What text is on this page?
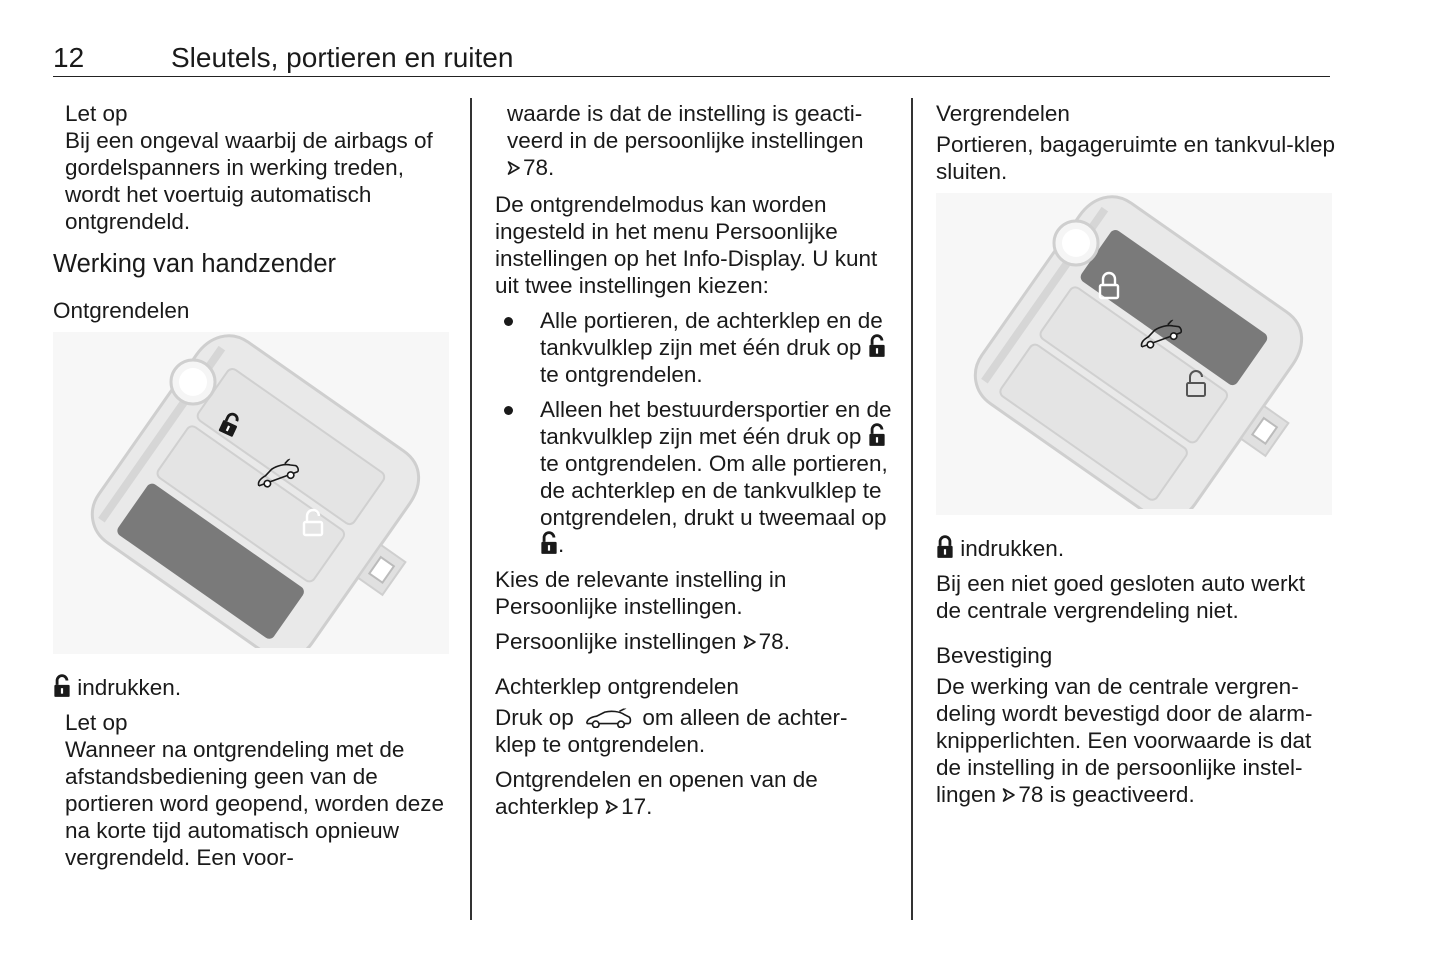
12	Sleutels, portieren en ruiten
Let op
Bij een ongeval waarbij de airbags of gordelspanners in werking treden, wordt het voertuig automatisch ontgrendeld.
Werking van handzender
Ontgrendelen

indrukken.

Let op
Wanneer na ontgrendeling met de afstandsbediening geen van de portieren word geopend, worden deze na korte tijd automatisch opnieuw vergrendeld. Een voor-
waarde is dat de instelling is geacti-
veerd in de persoonlijke instellingen
78.

De ontgrendelmodus kan worden ingesteld in het menu Persoonlijke instellingen op het Info-Display. U kunt uit twee instellingen kiezen:

Alle portieren, de achterklep en de tankvulklep zijn met één druk op  te ontgrendelen.
Alleen het bestuurdersportier en de tankvulklep zijn met één druk op  te ontgrendelen. Om alle portieren, de achterklep en de tankvulklep te ontgrendelen, drukt u tweemaal op .

Kies de relevante instelling in Persoonlijke instellingen.

Persoonlijke instellingen 78.

Achterklep ontgrendelen

Druk op	om alleen de achter-
klep te ontgrendelen.

Ontgrendelen en openen van de achterklep 17.

Vergrendelen

Portieren, bagageruimte en tankvul-klep sluiten.

indrukken.

Bij een niet goed gesloten auto werkt de centrale vergrendeling niet.

Bevestiging

De werking van de centrale vergren-deling wordt bevestigd door de alarm-knipperlichten. Een voorwaarde is dat de instelling in de persoonlijke instel-lingen 78 is geactiveerd.
